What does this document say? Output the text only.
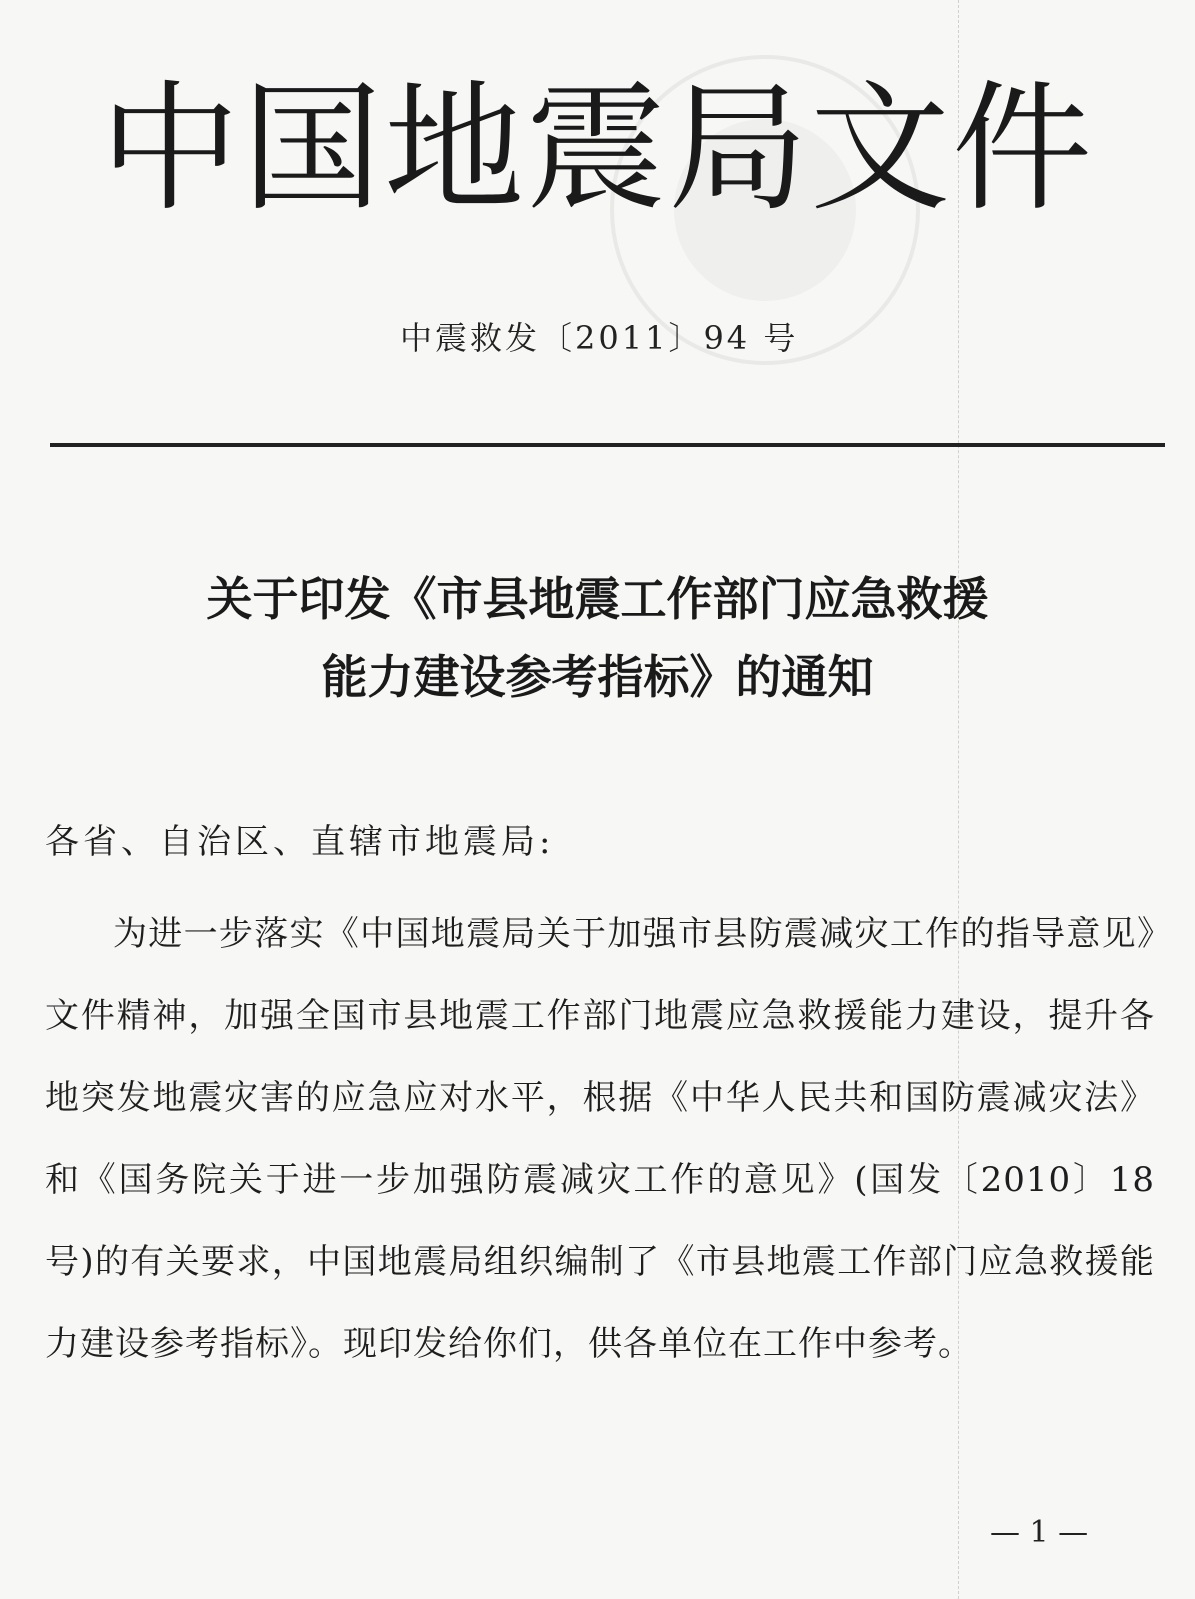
中国地震局文件
中震救发〔2011〕94 号
关于印发《市县地震工作部门应急救援
能力建设参考指标》的通知
各省、自治区、直辖市地震局:

为进一步落实《中国地震局关于加强市县防震减灾工作的指导意见》文件精神，加强全国市县地震工作部门地震应急救援能力建设，提升各地突发地震灾害的应急应对水平，根据《中华人民共和国防震减灾法》和《国务院关于进一步加强防震减灾工作的意见》(国发〔2010〕18 号)的有关要求，中国地震局组织编制了《市县地震工作部门应急救援能力建设参考指标》。现印发给你们，供各单位在工作中参考。

— 1 —
